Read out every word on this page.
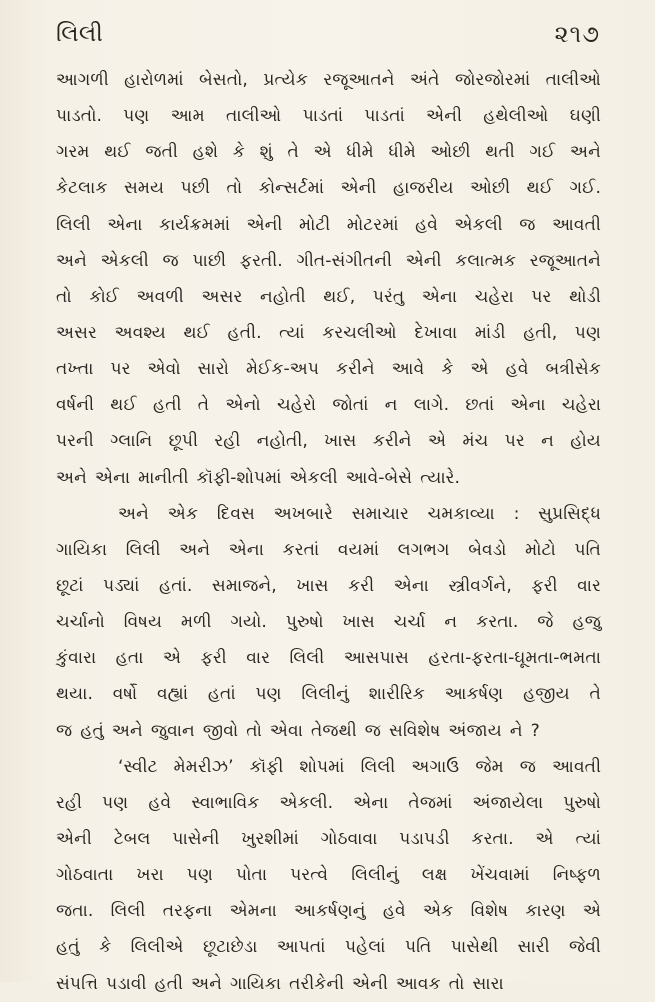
લિલી	૨૧૭
આગળી હારોળમાં બેસતો, પ્રત્યેક રજૂઆતને અંતે જોરજોરમાં તાલીઓ
પાડતો. પણ આમ તાલીઓ પાડતાં પાડતાં એની હથેલીઓ ઘણી
ગરમ થઈ જતી હશે કે શું તે એ ધીમે ધીમે ઓછી થતી ગઈ અને
કેટલાક સમય પછી તો કોન્સર્ટમાં એની હાજરીય ઓછી થઈ ગઈ.
લિલી એના કાર્યક્રમમાં એની મોટી મોટરમાં હવે એકલી જ આવતી
અને એકલી જ પાછી ફરતી. ગીત-સંગીતની એની કલાત્મક રજૂઆતને
તો કોઈ અવળી અસર નહોતી થઈ, પરંતુ એના ચહેરા પર થોડી
અસર અવશ્ય થઈ હતી. ત્યાં કરચલીઓ દેખાવા માંડી હતી, પણ
તખ્તા પર એવો સારો મેઈક-અપ કરીને આવે કે એ હવે બત્રીસેક
વર્ષની થઈ હતી તે એનો ચહેરો જોતાં ન લાગે. છતાં એના ચહેરા
પરની ગ્લાનિ છૂપી રહી નહોતી, ખાસ કરીને એ મંચ પર ન હોય
અને એના માનીતી કૉફી-શોપમાં એકલી આવે-બેસે ત્યારે.
અને એક દિવસ અખબારે સમાચાર ચમકાવ્યા : સુપ્રસિદ્ધ
ગાયિકા લિલી અને એના કરતાં વયમાં લગભગ બેવડો મોટો પતિ
છૂટાં પડ્યાં હતાં. સમાજને, ખાસ કરી એના સ્ત્રીવર્ગને, ફરી વાર
ચર્ચાનો વિષય મળી ગયો. પુરુષો ખાસ ચર્ચા ન કરતા. જે હજુ
કુંવારા હતા એ ફરી વાર લિલી આસપાસ હરતા-ફરતા-ઘૂમતા-ભમતા
થયા. વર્ષો વહ્યાં હતાં પણ લિલીનું શારીરિક આકર્ષણ હજીય તે
જ હતું અને જુવાન જીવો તો એવા તેજથી જ સવિશેષ અંજાય ને ?
‘સ્વીટ મેમરીઝ’ કૉફી શોપમાં લિલી અગાઉ જેમ જ આવતી
રહી પણ હવે સ્વાભાવિક એકલી. એના તેજમાં અંજાયેલા પુરુષો
એની ટેબલ પાસેની ખુરશીમાં ગોઠવાવા પડાપડી કરતા. એ ત્યાં
ગોઠવાતા ખરા પણ પોતા પરત્વે લિલીનું લક્ષ ખેંચવામાં નિષ્ફળ
જતા. લિલી તરફના એમના આકર્ષણનું હવે એક વિશેષ કારણ એ
હતું કે લિલીએ છૂટાછેડા આપતાં પહેલાં પતિ પાસેથી સારી જેવી
સંપત્તિ પડાવી હતી અને ગાયિકા તરીકેની એની આવક તો સારા
